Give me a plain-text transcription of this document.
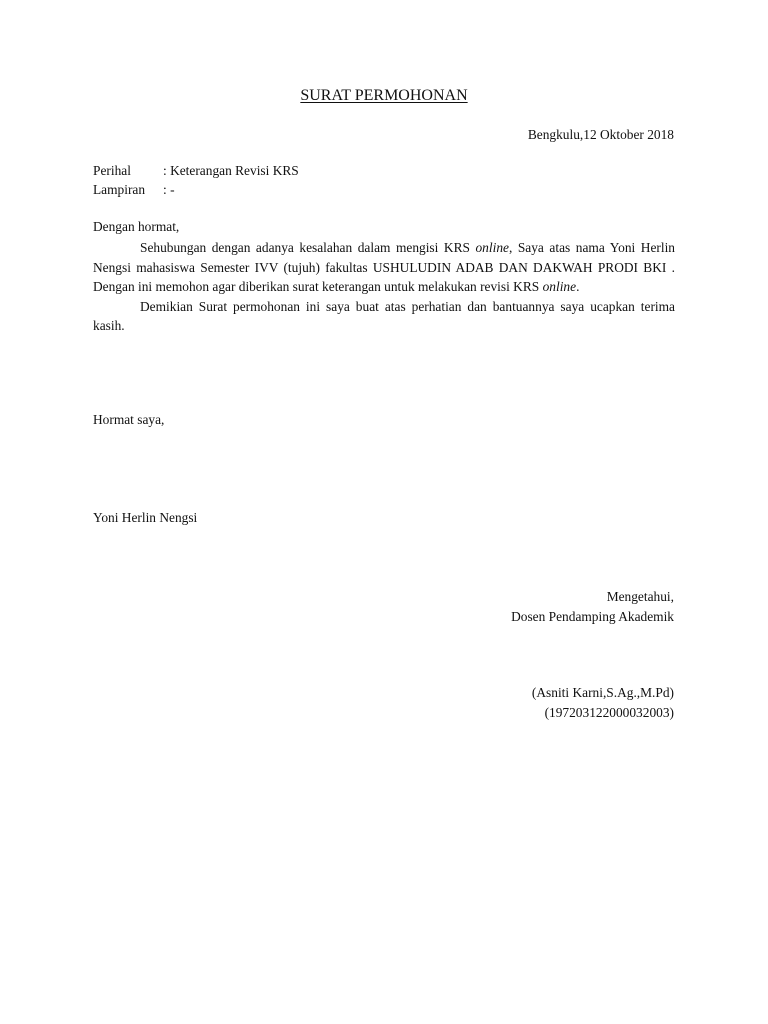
SURAT PERMOHONAN
Bengkulu,12 Oktober 2018
Perihal	: Keterangan Revisi KRS
Lampiran	: -
Dengan hormat,

Sehubungan dengan adanya kesalahan dalam mengisi KRS online, Saya atas nama Yoni Herlin Nengsi mahasiswa Semester IVV (tujuh) fakultas USHULUDIN ADAB DAN DAKWAH PRODI BKI . Dengan ini memohon agar diberikan surat keterangan untuk melakukan revisi KRS online.

Demikian Surat permohonan ini saya buat atas perhatian dan bantuannya saya ucapkan terima kasih.

Hormat saya,
Yoni Herlin Nengsi
Mengetahui,
Dosen Pendamping Akademik
(Asniti Karni,S.Ag.,M.Pd)
(197203122000032003)
